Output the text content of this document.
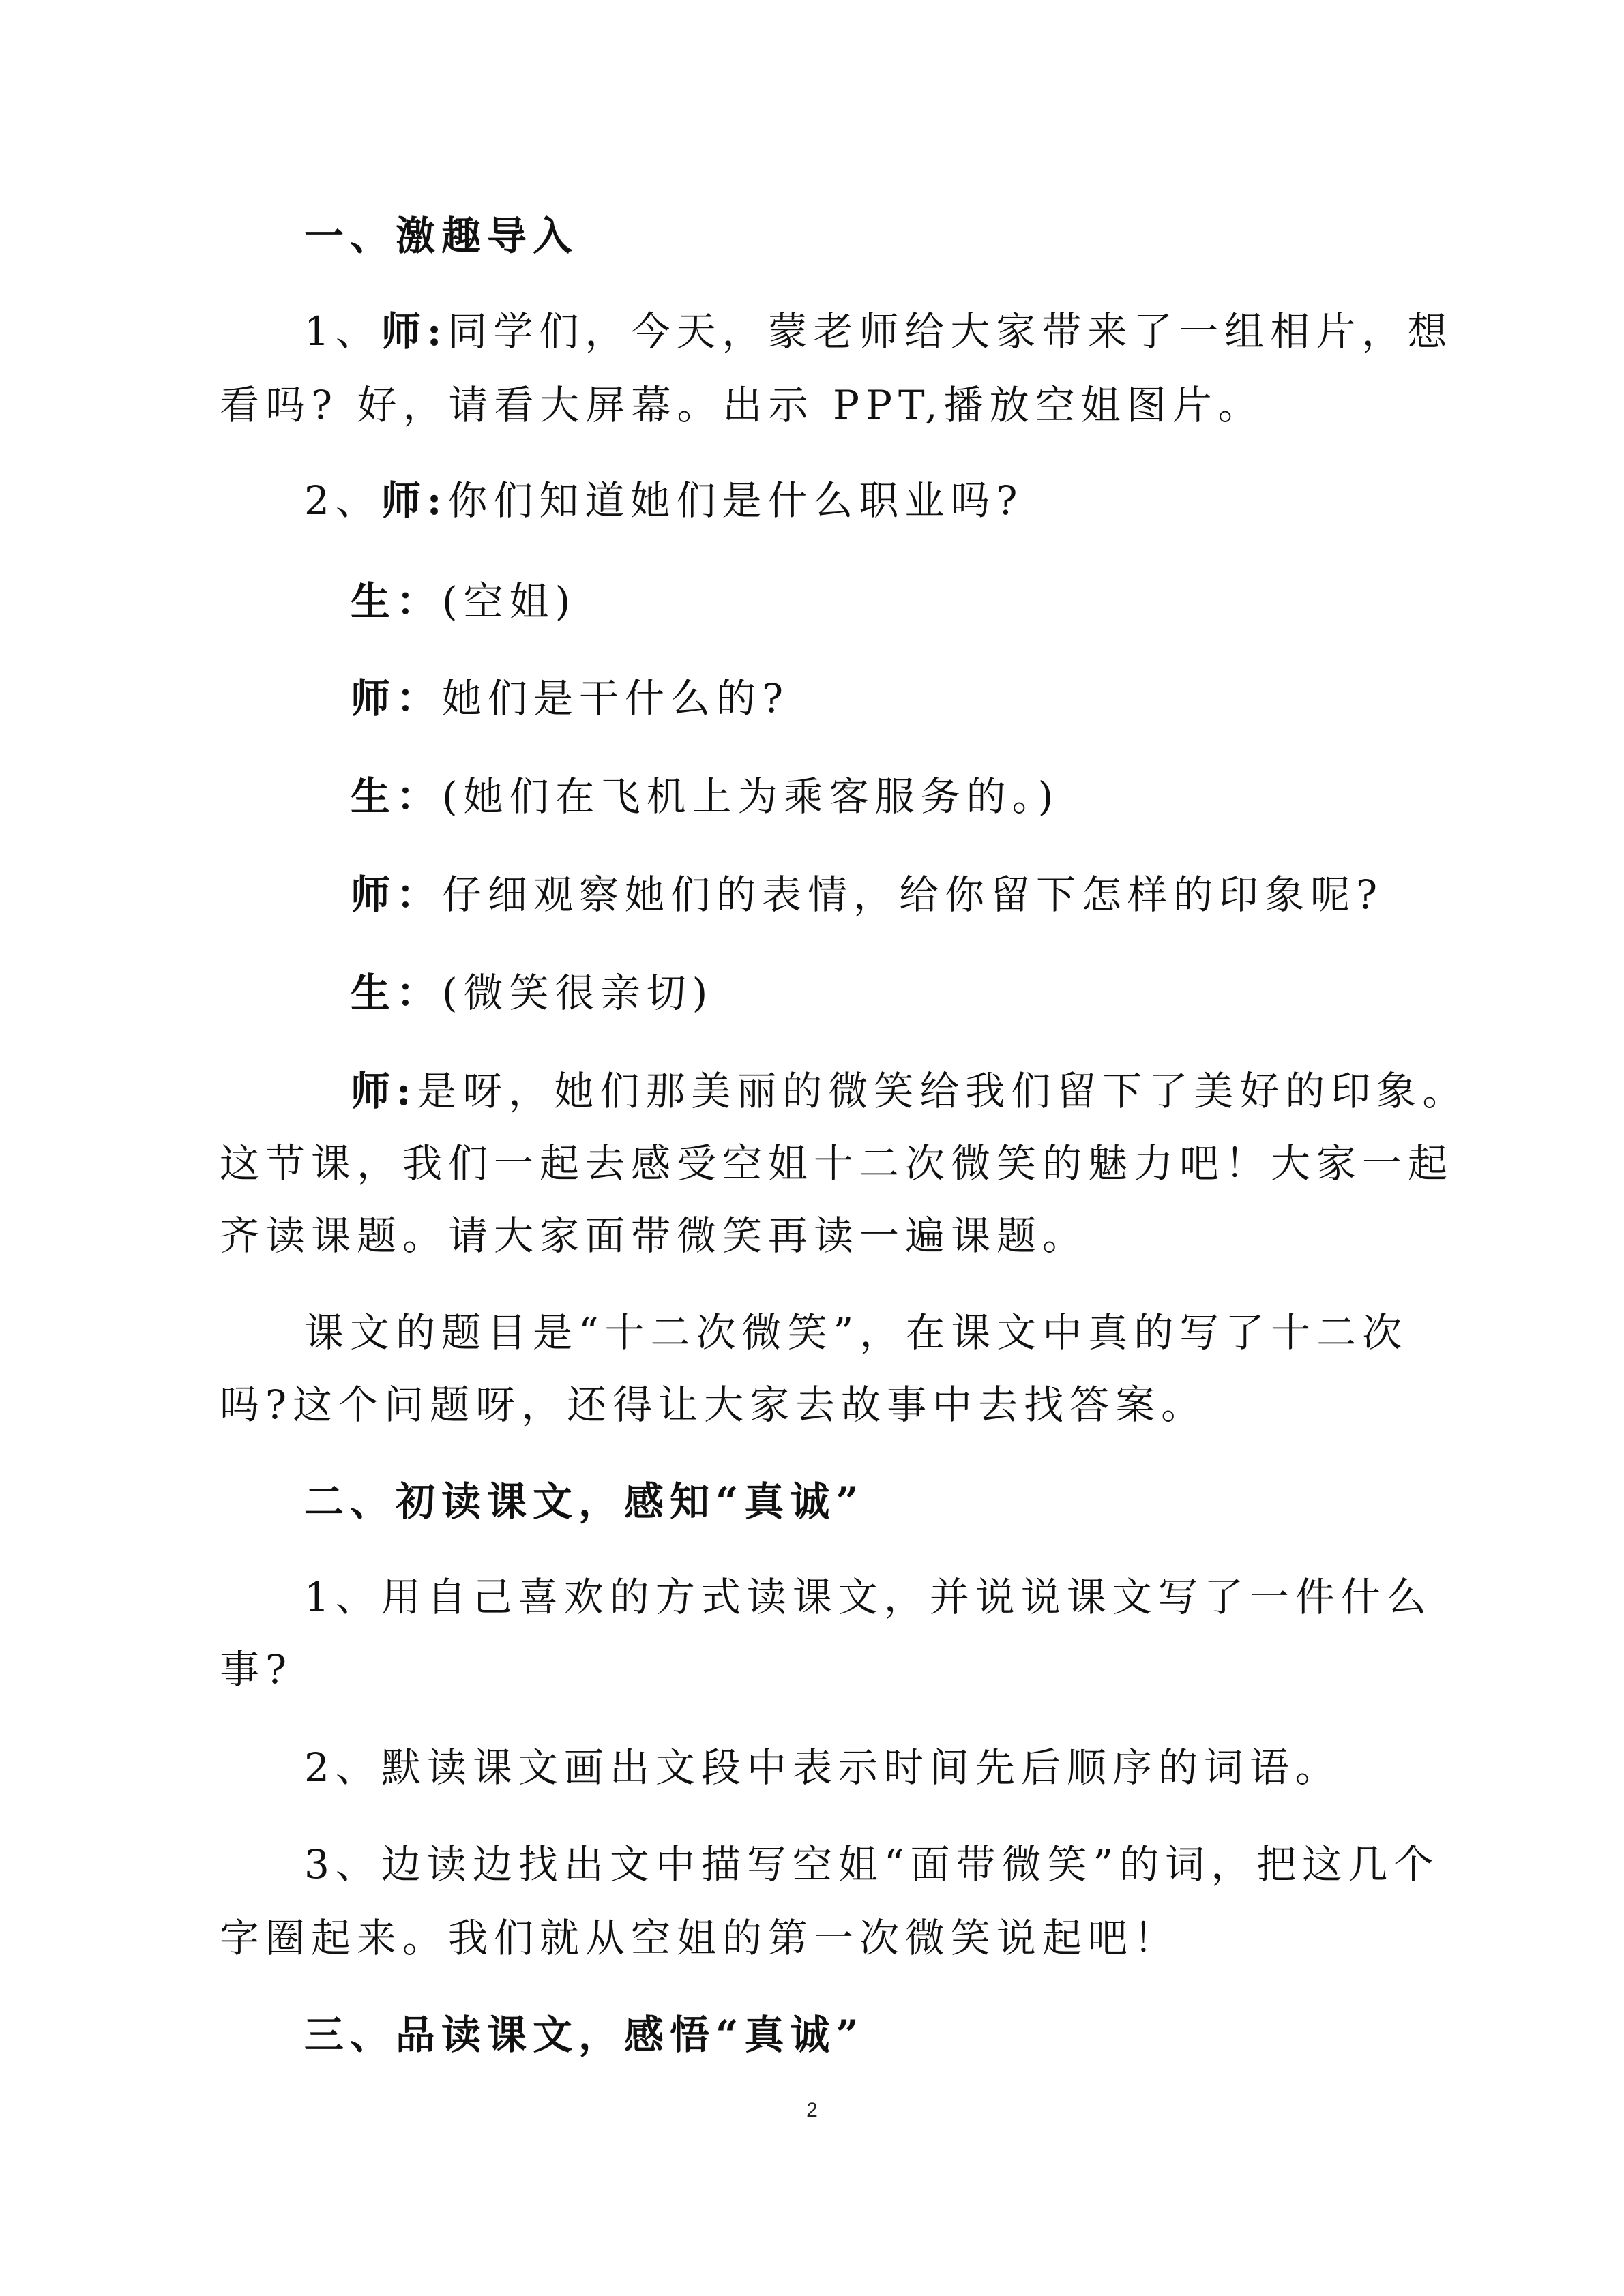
一、激趣导入

1、师:同学们，今天，蒙老师给大家带来了一组相片，想

看吗? 好，请看大屏幕。出示 PPT,播放空姐图片。

2、师:你们知道她们是什么职业吗?

生：(空姐)

师：她们是干什么的?

生：(她们在飞机上为乘客服务的。)

师：仔细观察她们的表情，给你留下怎样的印象呢?

生：(微笑很亲切)

师:是呀，她们那美丽的微笑给我们留下了美好的印象。

这节课，我们一起去感受空姐十二次微笑的魅力吧！大家一起

齐读课题。请大家面带微笑再读一遍课题。

课文的题目是“十二次微笑”，在课文中真的写了十二次

吗?这个问题呀，还得让大家去故事中去找答案。

二、初读课文，感知“真诚”

1、用自己喜欢的方式读课文，并说说课文写了一件什么

事?

2、默读课文画出文段中表示时间先后顺序的词语。

3、边读边找出文中描写空姐“面带微笑”的词，把这几个

字圈起来。我们就从空姐的第一次微笑说起吧！

三、品读课文，感悟“真诚”

2
